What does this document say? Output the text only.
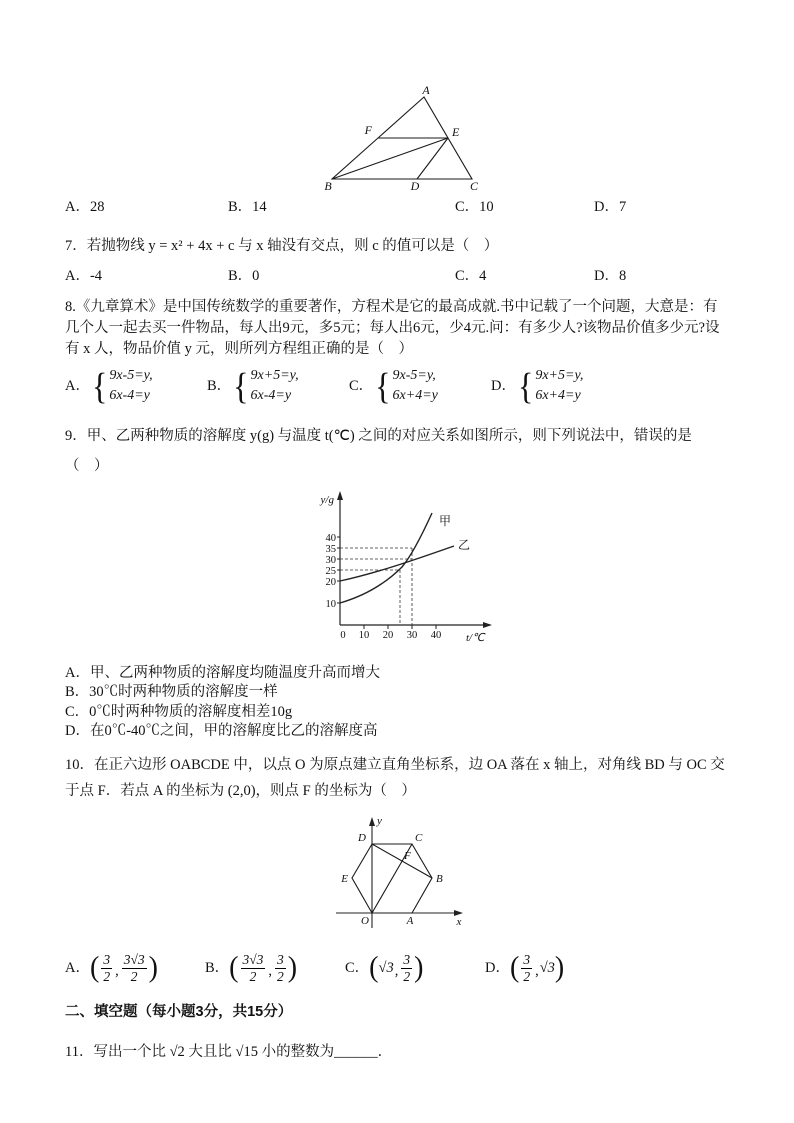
A
F	E
B	D	C
A．28	B．14	C．10	D．7

7．若抛物线 y = x² + 4x + c 与 x 轴没有交点，则 c 的值可以是（　）

A．-4	B．0	C．4	D．8

8.《九章算术》是中国传统数学的重要著作，方程术是它的最高成就.书中记载了一个问题，大意是：有几个人一起去买一件物品，每人出9元，多5元；每人出6元，少4元.问：有多少人?该物品价值多少元?设有 x 人，物品价值 y 元，则所列方程组正确的是（　）

A． { 9x-5=y,
6x-4=y
B． { 9x+5=y,
6x-4=y
C． { 9x-5=y,
6x+4=y
D． { 9x+5=y,
6x+4=y

9．甲、乙两种物质的溶解度 y(g) 与温度 t(℃) 之间的对应关系如图所示，则下列说法中，错误的是

（　）

40
35
30
25
20
10
0 10 20 30 40
y/g
t/℃
甲
乙

A．甲、乙两种物质的溶解度均随温度升高而增大

B．30℃时两种物质的溶解度一样

C．0℃时两种物质的溶解度相差10g

D．在0℃-40℃之间，甲的溶解度比乙的溶解度高

10．在正六边形 OABCDE 中，以点 O 为原点建立直角坐标系，边 OA 落在 x 轴上，对角线 BD 与 OC 交于点 F．若点 A 的坐标为 (2,0)，则点 F 的坐标为（　）

y
x
O	A
B
C
D
E
F
A． ( $\frac{3}{2}$ , $\frac{3√3}{2}$ )	B． ( $\frac{3√3}{2}$ , $\frac{3}{2}$ )	C． ( √3 , $\frac{3}{2}$ )	D． ( $\frac{3}{2}$ , √3 )

二、填空题（每小题3分，共15分）

11．写出一个比 √2 大且比 √15 小的整数为______．
